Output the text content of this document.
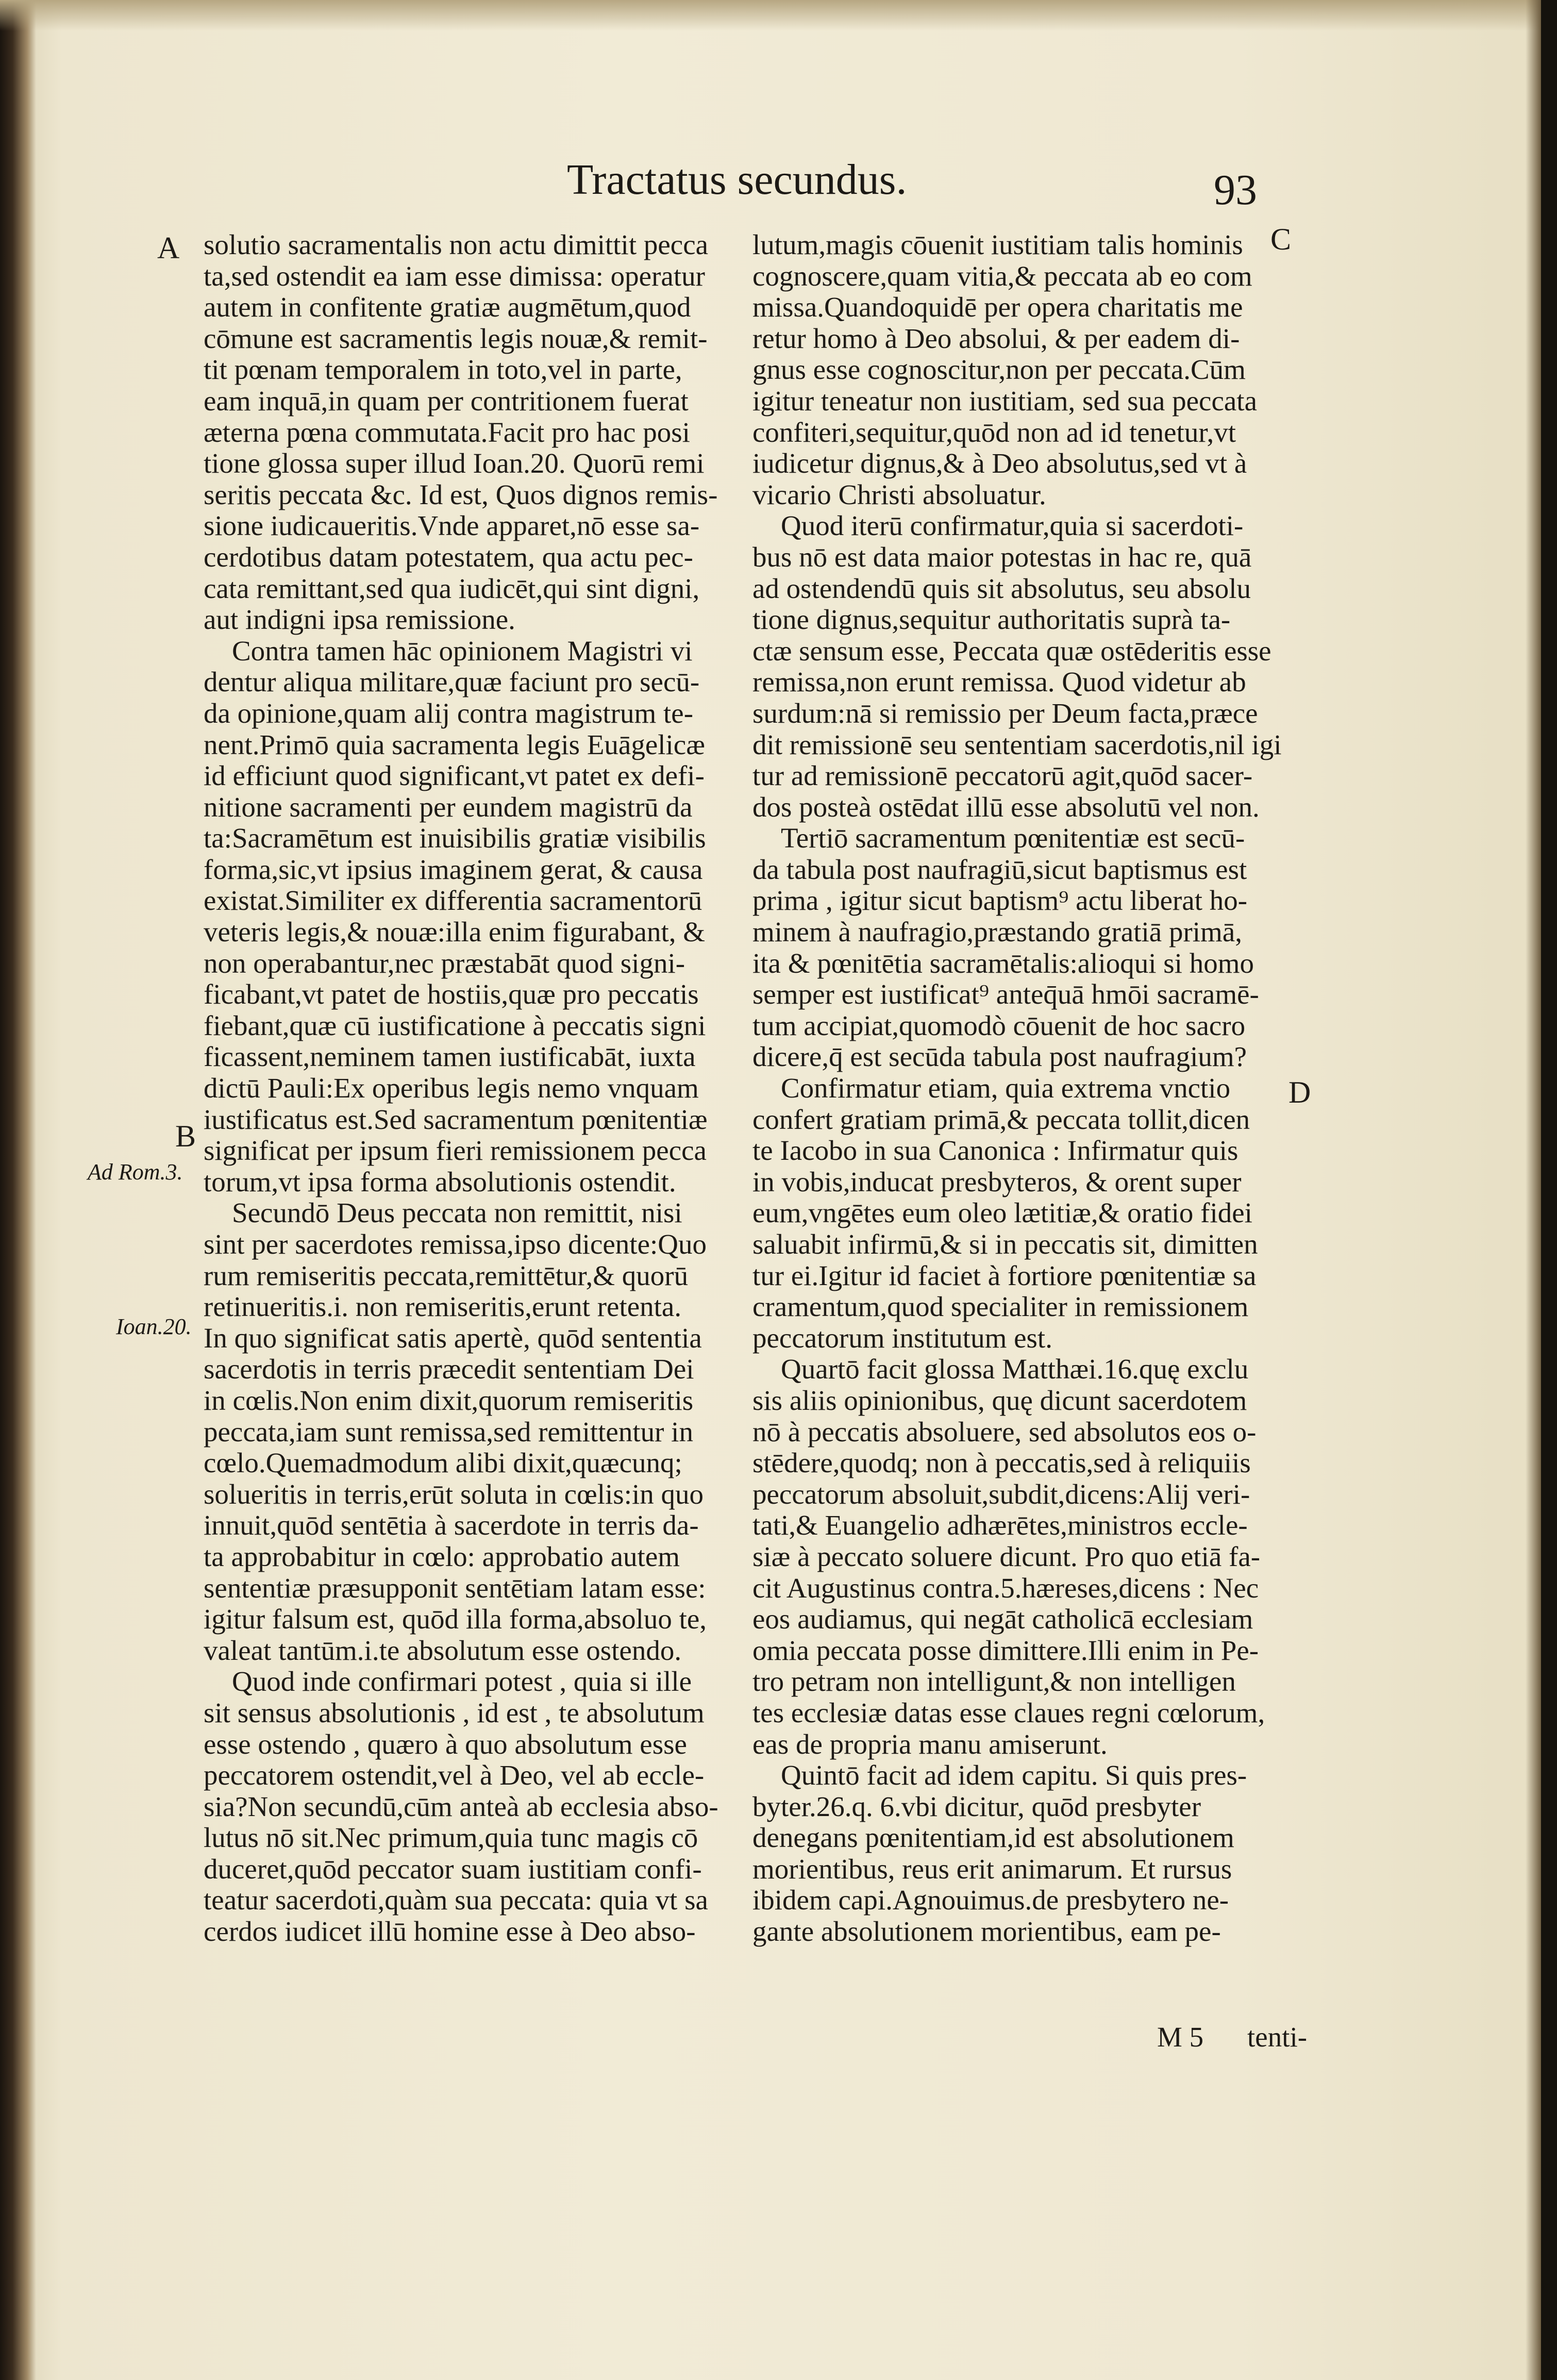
Tractatus secundus.	93
A
B
C
D
Ad Rom.3.
Ioan.20.
solutio sacramentalis non actu dimittit pecca
ta,sed ostendit ea iam esse dimissa: operatur
autem in confitente gratiæ augmētum,quod
cōmune est sacramentis legis nouæ,& remit-
tit pœnam temporalem in toto,vel in parte,
eam inquā,in quam per contritionem fuerat
æterna pœna commutata.Facit pro hac posi
tione glossa super illud Ioan.20. Quorū remi
seritis peccata &c. Id est, Quos dignos remis-
sione iudicaueritis.Vnde apparet,nō esse sa-
cerdotibus datam potestatem, qua actu pec-
cata remittant,sed qua iudicēt,qui sint digni,
aut indigni ipsa remissione.
Contra tamen hāc opinionem Magistri vi
dentur aliqua militare,quæ faciunt pro secū-
da opinione,quam alij contra magistrum te-
nent.Primō quia sacramenta legis Euāgelicæ
id efficiunt quod significant,vt patet ex defi-
nitione sacramenti per eundem magistrū da
ta:Sacramētum est inuisibilis gratiæ visibilis
forma,sic,vt ipsius imaginem gerat, & causa
existat.Similiter ex differentia sacramentorū
veteris legis,& nouæ:illa enim figurabant, &
non operabantur,nec præstabāt quod signi-
ficabant,vt patet de hostiis,quæ pro peccatis
fiebant,quæ cū iustificatione à peccatis signi
ficassent,neminem tamen iustificabāt, iuxta
dictū Pauli:Ex operibus legis nemo vnquam
iustificatus est.Sed sacramentum pœnitentiæ
significat per ipsum fieri remissionem pecca
torum,vt ipsa forma absolutionis ostendit.
Secundō Deus peccata non remittit, nisi
sint per sacerdotes remissa,ipso dicente:Quo
rum remiseritis peccata,remittētur,& quorū
retinueritis.i. non remiseritis,erunt retenta.
In quo significat satis apertè, quōd sententia
sacerdotis in terris præcedit sententiam Dei
in cœlis.Non enim dixit,quorum remiseritis
peccata,iam sunt remissa,sed remittentur in
cœlo.Quemadmodum alibi dixit,quæcunq;
solueritis in terris,erūt soluta in cœlis:in quo
innuit,quōd sentētia à sacerdote in terris da-
ta approbabitur in cœlo: approbatio autem
sententiæ præsupponit sentētiam latam esse:
igitur falsum est, quōd illa forma,absoluo te,
valeat tantūm.i.te absolutum esse ostendo.
Quod inde confirmari potest , quia si ille
sit sensus absolutionis , id est , te absolutum
esse ostendo , quæro à quo absolutum esse
peccatorem ostendit,vel à Deo, vel ab eccle-
sia?Non secundū,cūm anteà ab ecclesia abso-
lutus nō sit.Nec primum,quia tunc magis cō
duceret,quōd peccator suam iustitiam confi-
teatur sacerdoti,quàm sua peccata: quia vt sa
cerdos iudicet illū homine esse à Deo abso-
lutum,magis cōuenit iustitiam talis hominis
cognoscere,quam vitia,& peccata ab eo com
missa.Quandoquidē per opera charitatis me
retur homo à Deo absolui, & per eadem di-
gnus esse cognoscitur,non per peccata.Cūm
igitur teneatur non iustitiam, sed sua peccata
confiteri,sequitur,quōd non ad id tenetur,vt
iudicetur dignus,& à Deo absolutus,sed vt à
vicario Christi absoluatur.
Quod iterū confirmatur,quia si sacerdoti-
bus nō est data maior potestas in hac re, quā
ad ostendendū quis sit absolutus, seu absolu
tione dignus,sequitur authoritatis suprà ta-
ctæ sensum esse, Peccata quæ ostēderitis esse
remissa,non erunt remissa. Quod videtur ab
surdum:nā si remissio per Deum facta,præce
dit remissionē seu sententiam sacerdotis,nil igi
tur ad remissionē peccatorū agit,quōd sacer-
dos posteà ostēdat illū esse absolutū vel non.
Tertiō sacramentum pœnitentiæ est secū-
da tabula post naufragiū,sicut baptismus est
prima , igitur sicut baptism⁹ actu liberat ho-
minem à naufragio,præstando gratiā primā,
ita & pœnitētia sacramētalis:alioqui si homo
semper est iustificat⁹ anteq̄uā hmōi sacramē-
tum accipiat,quomodò cōuenit de hoc sacro
dicere,q̄ est secūda tabula post naufragium?
Confirmatur etiam, quia extrema vnctio
confert gratiam primā,& peccata tollit,dicen
te Iacobo in sua Canonica : Infirmatur quis
in vobis,inducat presbyteros, & orent super
eum,vngētes eum oleo lætitiæ,& oratio fidei
saluabit infirmū,& si in peccatis sit, dimitten
tur ei.Igitur id faciet à fortiore pœnitentiæ sa
cramentum,quod specialiter in remissionem
peccatorum institutum est.
Quartō facit glossa Matthæi.16.quę exclu
sis aliis opinionibus, quę dicunt sacerdotem
nō à peccatis absoluere, sed absolutos eos o-
stēdere,quodq; non à peccatis,sed à reliquiis
peccatorum absoluit,subdit,dicens:Alij veri-
tati,& Euangelio adhærētes,ministros eccle-
siæ à peccato soluere dicunt. Pro quo etiā fa-
cit Augustinus contra.5.hæreses,dicens : Nec
eos audiamus, qui negāt catholicā ecclesiam
omia peccata posse dimittere.Illi enim in Pe-
tro petram non intelligunt,& non intelligen
tes ecclesiæ datas esse claues regni cœlorum,
eas de propria manu amiserunt.
Quintō facit ad idem capitu. Si quis pres-
byter.26.q. 6.vbi dicitur, quōd presbyter
denegans pœnitentiam,id est absolutionem
morientibus, reus erit animarum. Et rursus
ibidem capi.Agnouimus.de presbytero ne-
gante absolutionem morientibus, eam pe-
M 5 tenti-
